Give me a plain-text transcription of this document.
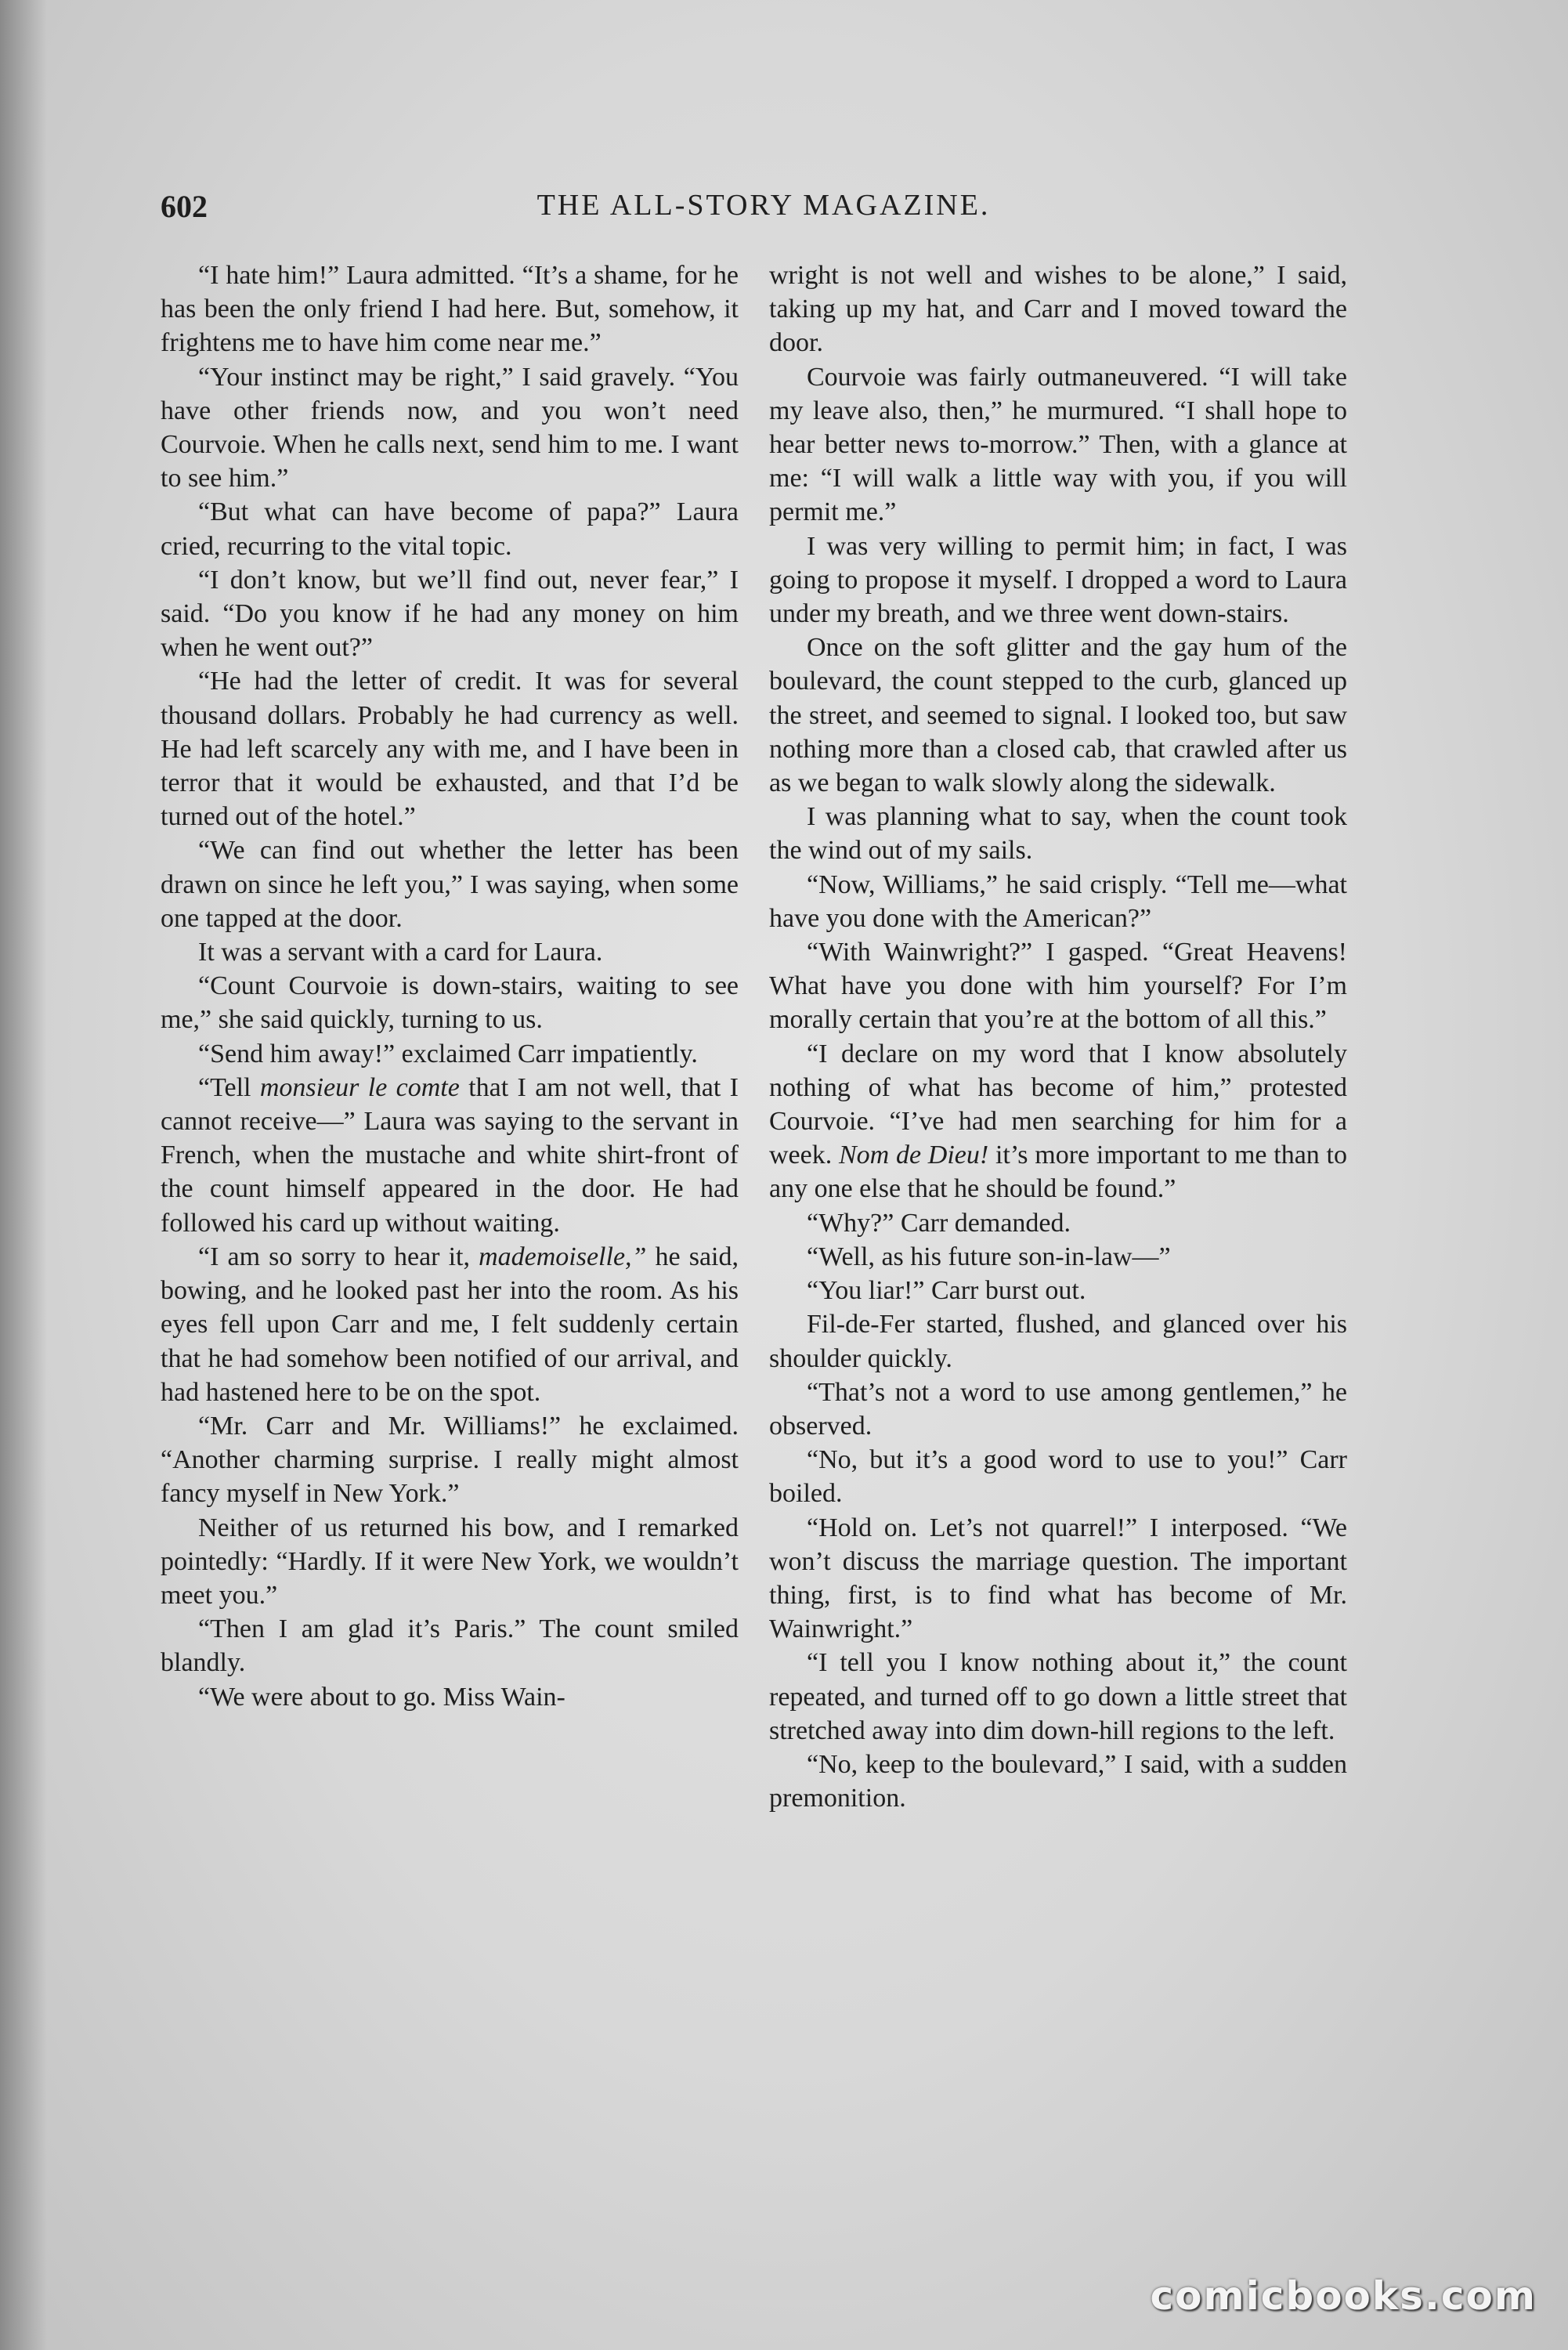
602	THE ALL-STORY MAGAZINE.

“I hate him!” Laura admitted. “It’s a shame, for he has been the only friend I had here. But, somehow, it frightens me to have him come near me.”

“Your instinct may be right,” I said gravely. “You have other friends now, and you won’t need Courvoie. When he calls next, send him to me. I want to see him.”

“But what can have become of papa?” Laura cried, recurring to the vital topic.

“I don’t know, but we’ll find out, never fear,” I said. “Do you know if he had any money on him when he went out?”

“He had the letter of credit. It was for several thousand dollars. Probably he had currency as well. He had left scarcely any with me, and I have been in terror that it would be exhausted, and that I’d be turned out of the hotel.”

“We can find out whether the letter has been drawn on since he left you,” I was saying, when some one tapped at the door.

It was a servant with a card for Laura.

“Count Courvoie is down-stairs, waiting to see me,” she said quickly, turning to us.

“Send him away!” exclaimed Carr impatiently.

“Tell monsieur le comte that I am not well, that I cannot receive—” Laura was saying to the servant in French, when the mustache and white shirt-front of the count himself appeared in the door. He had followed his card up without waiting.

“I am so sorry to hear it, mademoiselle,” he said, bowing, and he looked past her into the room. As his eyes fell upon Carr and me, I felt suddenly certain that he had somehow been notified of our arrival, and had hastened here to be on the spot.

“Mr. Carr and Mr. Williams!” he exclaimed. “Another charming surprise. I really might almost fancy myself in New York.”

Neither of us returned his bow, and I remarked pointedly: “Hardly. If it were New York, we wouldn’t meet you.”

“Then I am glad it’s Paris.” The count smiled blandly.

“We were about to go. Miss Wain-

wright is not well and wishes to be alone,” I said, taking up my hat, and Carr and I moved toward the door.

Courvoie was fairly outmaneuvered. “I will take my leave also, then,” he murmured. “I shall hope to hear better news to-morrow.” Then, with a glance at me: “I will walk a little way with you, if you will permit me.”

I was very willing to permit him; in fact, I was going to propose it myself. I dropped a word to Laura under my breath, and we three went down-stairs.

Once on the soft glitter and the gay hum of the boulevard, the count stepped to the curb, glanced up the street, and seemed to signal. I looked too, but saw nothing more than a closed cab, that crawled after us as we began to walk slowly along the sidewalk.

I was planning what to say, when the count took the wind out of my sails.

“Now, Williams,” he said crisply. “Tell me—what have you done with the American?”

“With Wainwright?” I gasped. “Great Heavens! What have you done with him yourself? For I’m morally certain that you’re at the bottom of all this.”

“I declare on my word that I know absolutely nothing of what has become of him,” protested Courvoie. “I’ve had men searching for him for a week. Nom de Dieu! it’s more important to me than to any one else that he should be found.”

“Why?” Carr demanded.

“Well, as his future son-in-law—”

“You liar!” Carr burst out.

Fil-de-Fer started, flushed, and glanced over his shoulder quickly.

“That’s not a word to use among gentlemen,” he observed.

“No, but it’s a good word to use to you!” Carr boiled.

“Hold on. Let’s not quarrel!” I interposed. “We won’t discuss the marriage question. The important thing, first, is to find what has become of Mr. Wainwright.”

“I tell you I know nothing about it,” the count repeated, and turned off to go down a little street that stretched away into dim down-hill regions to the left.

“No, keep to the boulevard,” I said, with a sudden premonition.

comicbooks.com
